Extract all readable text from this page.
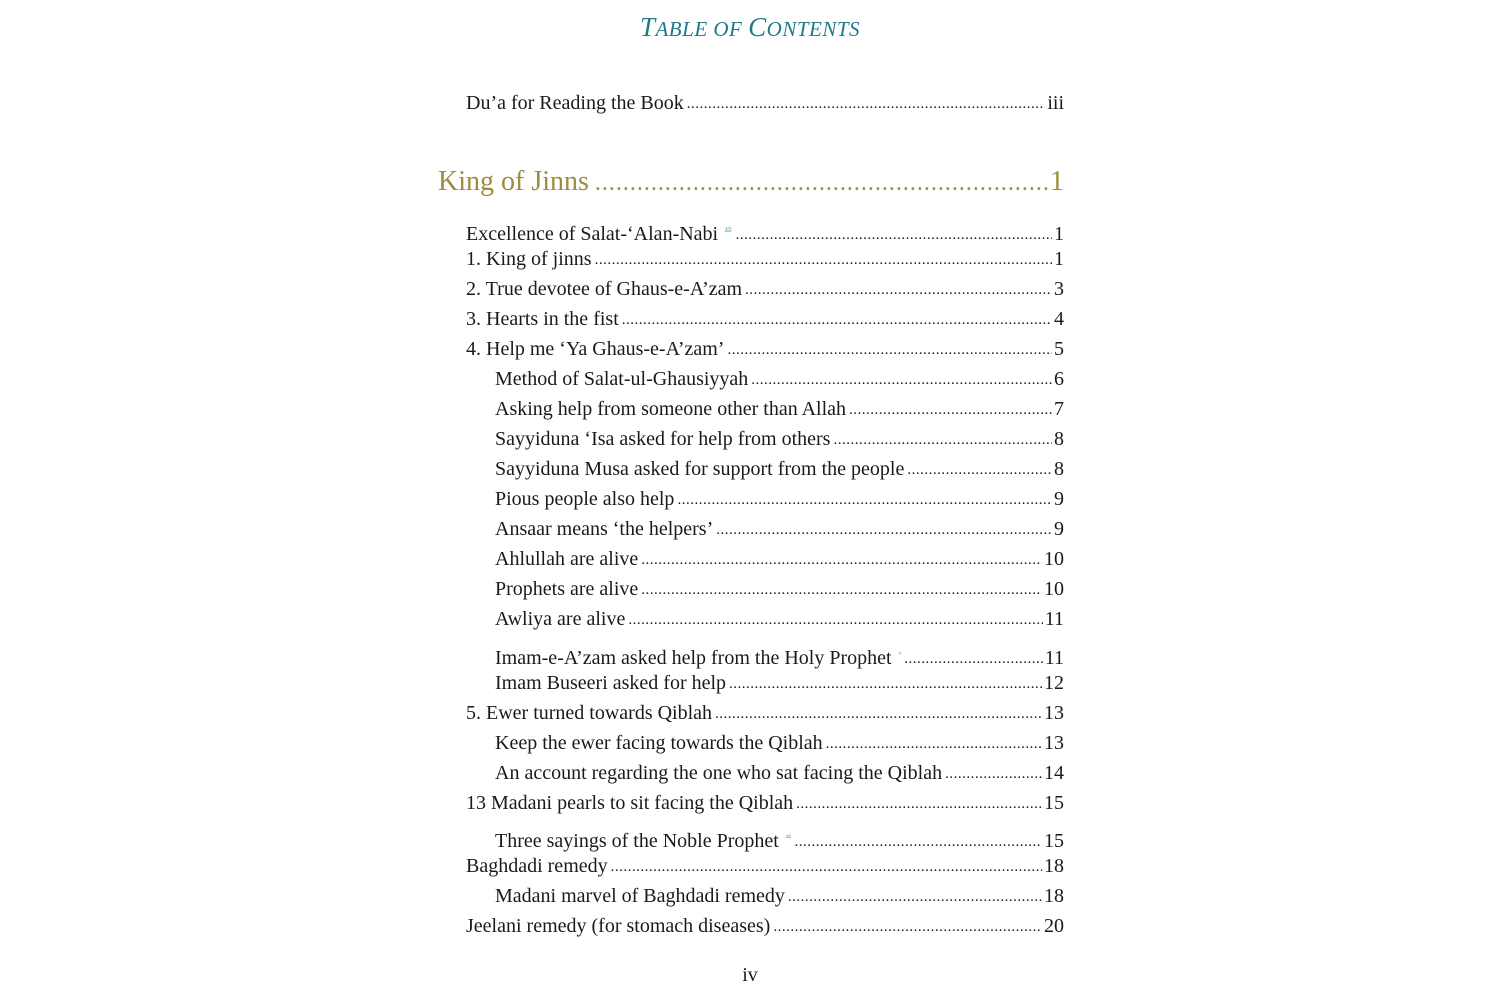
TABLE OF CONTENTS
Du’a for Reading the Book .....	iii
King of Jinns .....	1
Excellence of Salat-‘Alan-Nabi .....	1
1. King of jinns .....	1
2. True devotee of Ghaus-e-A’zam .....	3
3. Hearts in the fist .....	4
4. Help me ‘Ya Ghaus-e-A’zam’ .....	5
Method of Salat-ul-Ghausiyyah .....	6
Asking help from someone other than Allah .....	7
Sayyiduna ‘Isa asked for help from others .....	8
Sayyiduna Musa asked for support from the people .....	8
Pious people also help .....	9
Ansaar means ‘the helpers’ .....	9
Ahlullah are alive .....	10
Prophets are alive .....	10
Awliya are alive .....	11
Imam-e-A’zam asked help from the Holy Prophet .....	11
Imam Buseeri asked for help .....	12
5. Ewer turned towards Qiblah .....	13
Keep the ewer facing towards the Qiblah .....	13
An account regarding the one who sat facing the Qiblah .....	14
13 Madani pearls to sit facing the Qiblah .....	15
Three sayings of the Noble Prophet .....	15
Baghdadi remedy .....	18
Madani marvel of Baghdadi remedy .....	18
Jeelani remedy (for stomach diseases) .....	20
iv
